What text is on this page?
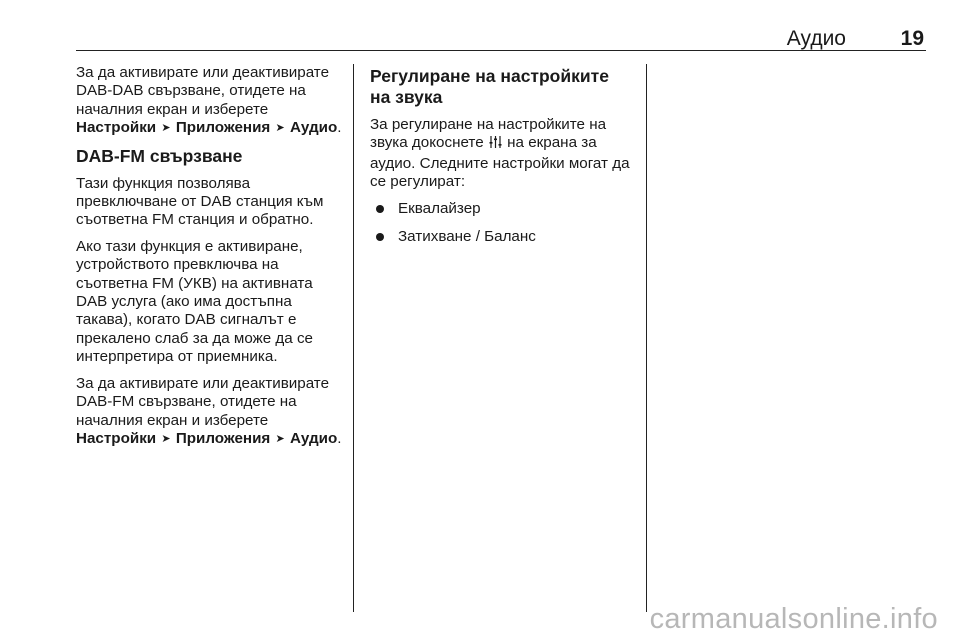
Аудио	19

За да активирате или деактивирате DAB-DAB свързване, отидете на началния екран и изберете Настройки ➤ Приложения ➤ Аудио.

DAB-FM свързване

Тази функция позволява превключване от DAB станция към съответна FM станция и обратно.

Ако тази функция е активиране, устройството превключва на съответна FM (УКВ) на активната DAB услуга (ако има достъпна такава), когато DAB сигналът е прекалено слаб за да може да се интерпретира от приемника.

За да активирате или деактивирате DAB-FM свързване, отидете на началния екран и изберете Настройки ➤ Приложения ➤ Аудио.

Регулиране на настройките на звука

За регулиране на настройките на звука докоснете на екрана за аудио. Следните настройки могат да се регулират:

Еквалайзер
Затихване / Баланс
carmanualsonline.info
